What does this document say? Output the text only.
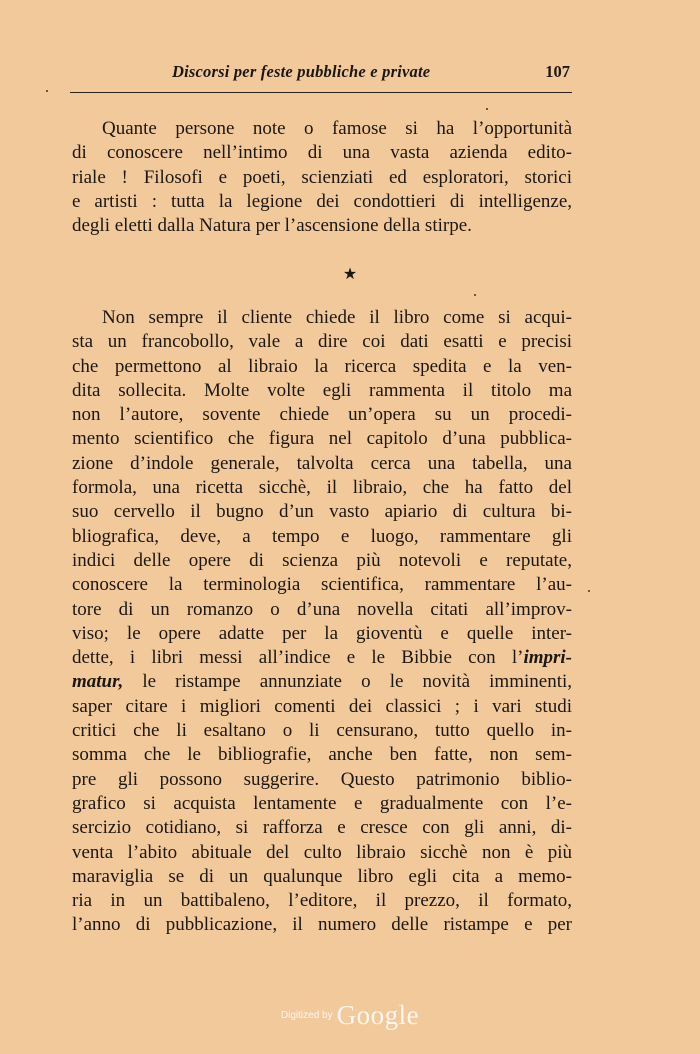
Discorsi per feste pubbliche e private	107
Quante persone note o famose si ha l’opportunità
di conoscere nell’intimo di una vasta azienda edito-
riale ! Filosofi e poeti, scienziati ed esploratori, storici
e artisti : tutta la legione dei condottieri di intelligenze,
degli eletti dalla Natura per l’ascensione della stirpe.
★
Non sempre il cliente chiede il libro come si acqui-
sta un francobollo, vale a dire coi dati esatti e precisi
che permettono al libraio la ricerca spedita e la ven-
dita sollecita. Molte volte egli rammenta il titolo ma
non l’autore, sovente chiede un’opera su un procedi-
mento scientifico che figura nel capitolo d’una pubblica-
zione d’indole generale, talvolta cerca una tabella, una
formola, una ricetta sicchè, il libraio, che ha fatto del
suo cervello il bugno d’un vasto apiario di cultura bi-
bliografica, deve, a tempo e luogo, rammentare gli
indici delle opere di scienza più notevoli e reputate,
conoscere la terminologia scientifica, rammentare l’au-
tore di un romanzo o d’una novella citati all’improv-
viso; le opere adatte per la gioventù e quelle inter-
dette, i libri messi all’indice e le Bibbie con l’impri-
matur, le ristampe annunziate o le novità imminenti,
saper citare i migliori comenti dei classici ; i vari studi
critici che li esaltano o li censurano, tutto quello in-
somma che le bibliografie, anche ben fatte, non sem-
pre gli possono suggerire. Questo patrimonio biblio-
grafico si acquista lentamente e gradualmente con l’e-
sercizio cotidiano, si rafforza e cresce con gli anni, di-
venta l’abito abituale del culto libraio sicchè non è più
maraviglia se di un qualunque libro egli cita a memo-
ria in un battibaleno, l’editore, il prezzo, il formato,
l’anno di pubblicazione, il numero delle ristampe e per
Digitized by Google
